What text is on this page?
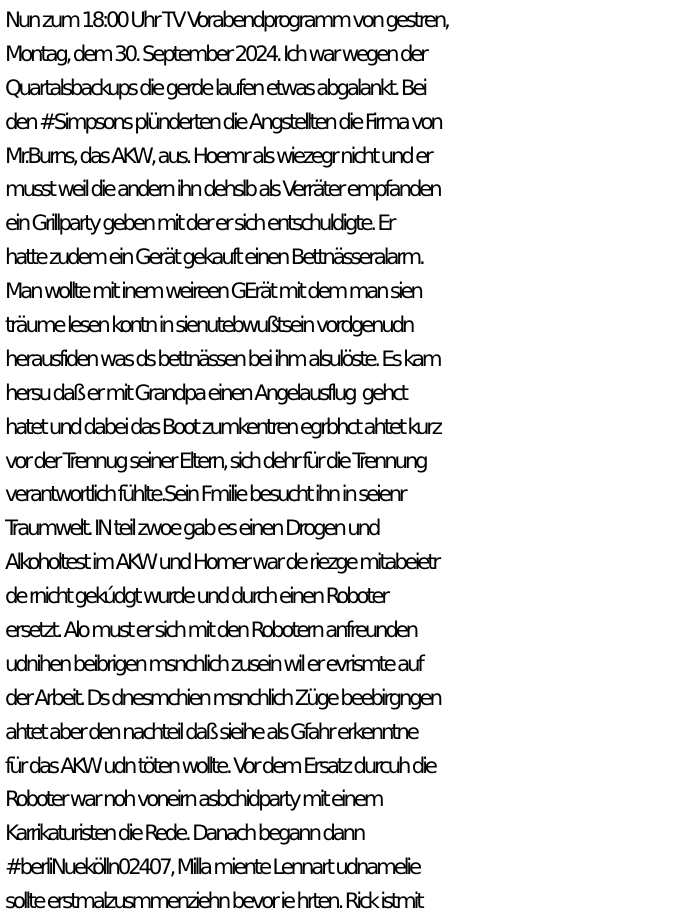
Nun zum 18:00 Uhr TV Vorabendprogramm von gestren,
Montag, dem 30. September 2024. Ich war wegen der
Quartalsbackups die gerde laufen etwas abgalankt. Bei
den #Simpsons plünderten die Angstellten die Firma von
Mr.Burns, das AKW, aus. Hoemr als wiezegr nicht und er
musst weil die andern ihn dehslb als Verräter empfanden
ein Grillparty geben mit der er sich entschuldigte. Er
hatte zudem ein Gerät gekauft einen Bettnässeralarm.
Man wollte mit inem weireen GErät mit dem man sien
träume lesen kontn in sienutebwußtsein vordgenudn
herausfiden was ds bettnässen bei ihm alsulöste. Es kam
hersu daß er mit Grandpa einen Angelausflug  gehct
hatet und dabei das Boot zumkentren egrbhct ahtet kurz
vor der Trennug seiner Eltern, sich dehr für die Trennung
verantwortlich fühlte.Sein Fmilie besucht ihn in seienr
Traumwelt. IN teil zwoe gab es einen Drogen und
Alkoholtest im AKW und Homer war de riezge mitabeietr
de rnicht gekúdgt wurde und durch einen Roboter
ersetzt. Alo must er sich mit den Robotern anfreunden
udnihen beibrigen msnchlich zusein wil er evrismte auf
der Arbeit. Ds dnesmchien msnchlich Züge beebirgngen
ahtet aber den nachteil daß sieihe als Gfahr erkenntne
für das AKW udn töten wollte. Vor dem Ersatz durcuh die
Roboter war noh voneirn asbchidparty mit einem
Karrikaturisten die Rede. Danach begann dann
#berliNuekölln02407, Milla miente Lennart udnamelie
sollte erstmalzusmmenziehn bevor ie hrten. Rick istmit
